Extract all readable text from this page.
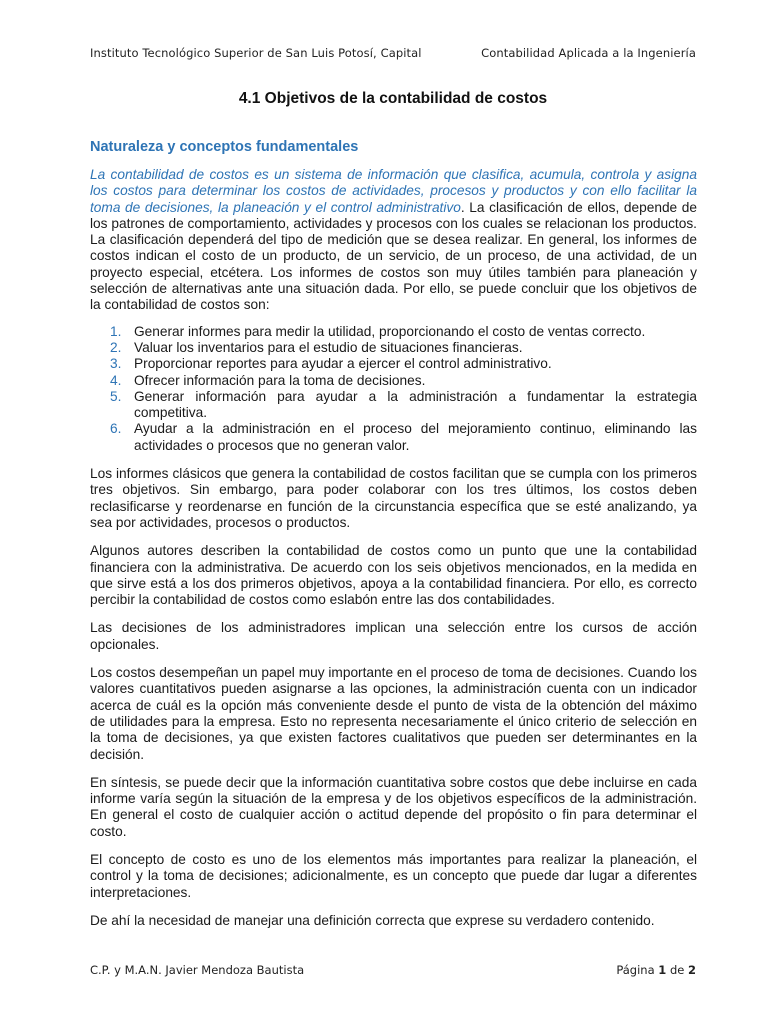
Instituto Tecnológico Superior de San Luis Potosí, Capital	Contabilidad Aplicada a la Ingeniería
4.1 Objetivos de la contabilidad de costos
Naturaleza y conceptos fundamentales

La contabilidad de costos es un sistema de información que clasifica, acumula, controla y asigna los costos para determinar los costos de actividades, procesos y productos y con ello facilitar la toma de decisiones, la planeación y el control administrativo. La clasificación de ellos, depende de los patrones de comportamiento, actividades y procesos con los cuales se relacionan los productos. La clasificación dependerá del tipo de medición que se desea realizar. En general, los informes de costos indican el costo de un producto, de un servicio, de un proceso, de una actividad, de un proyecto especial, etcétera. Los informes de costos son muy útiles también para planeación y selección de alternativas ante una situación dada. Por ello, se puede concluir que los objetivos de la contabilidad de costos son:

1. Generar informes para medir la utilidad, proporcionando el costo de ventas correcto.
2. Valuar los inventarios para el estudio de situaciones financieras.
3. Proporcionar reportes para ayudar a ejercer el control administrativo.
4. Ofrecer información para la toma de decisiones.
5. Generar información para ayudar a la administración a fundamentar la estrategia competitiva.
6. Ayudar a la administración en el proceso del mejoramiento continuo, eliminando las actividades o procesos que no generan valor.

Los informes clásicos que genera la contabilidad de costos facilitan que se cumpla con los primeros tres objetivos. Sin embargo, para poder colaborar con los tres últimos, los costos deben reclasificarse y reordenarse en función de la circunstancia específica que se esté analizando, ya sea por actividades, procesos o productos.

Algunos autores describen la contabilidad de costos como un punto que une la contabilidad financiera con la administrativa. De acuerdo con los seis objetivos mencionados, en la medida en que sirve está a los dos primeros objetivos, apoya a la contabilidad financiera. Por ello, es correcto percibir la contabilidad de costos como eslabón entre las dos contabilidades.

Las decisiones de los administradores implican una selección entre los cursos de acción opcionales.

Los costos desempeñan un papel muy importante en el proceso de toma de decisiones. Cuando los valores cuantitativos pueden asignarse a las opciones, la administración cuenta con un indicador acerca de cuál es la opción más conveniente desde el punto de vista de la obtención del máximo de utilidades para la empresa. Esto no representa necesariamente el único criterio de selección en la toma de decisiones, ya que existen factores cualitativos que pueden ser determinantes en la decisión.

En síntesis, se puede decir que la información cuantitativa sobre costos que debe incluirse en cada informe varía según la situación de la empresa y de los objetivos específicos de la administración. En general el costo de cualquier acción o actitud depende del propósito o fin para determinar el costo.

El concepto de costo es uno de los elementos más importantes para realizar la planeación, el control y la toma de decisiones; adicionalmente, es un concepto que puede dar lugar a diferentes interpretaciones.

De ahí la necesidad de manejar una definición correcta que exprese su verdadero contenido.

C.P. y M.A.N. Javier Mendoza Bautista	Página 1 de 2
